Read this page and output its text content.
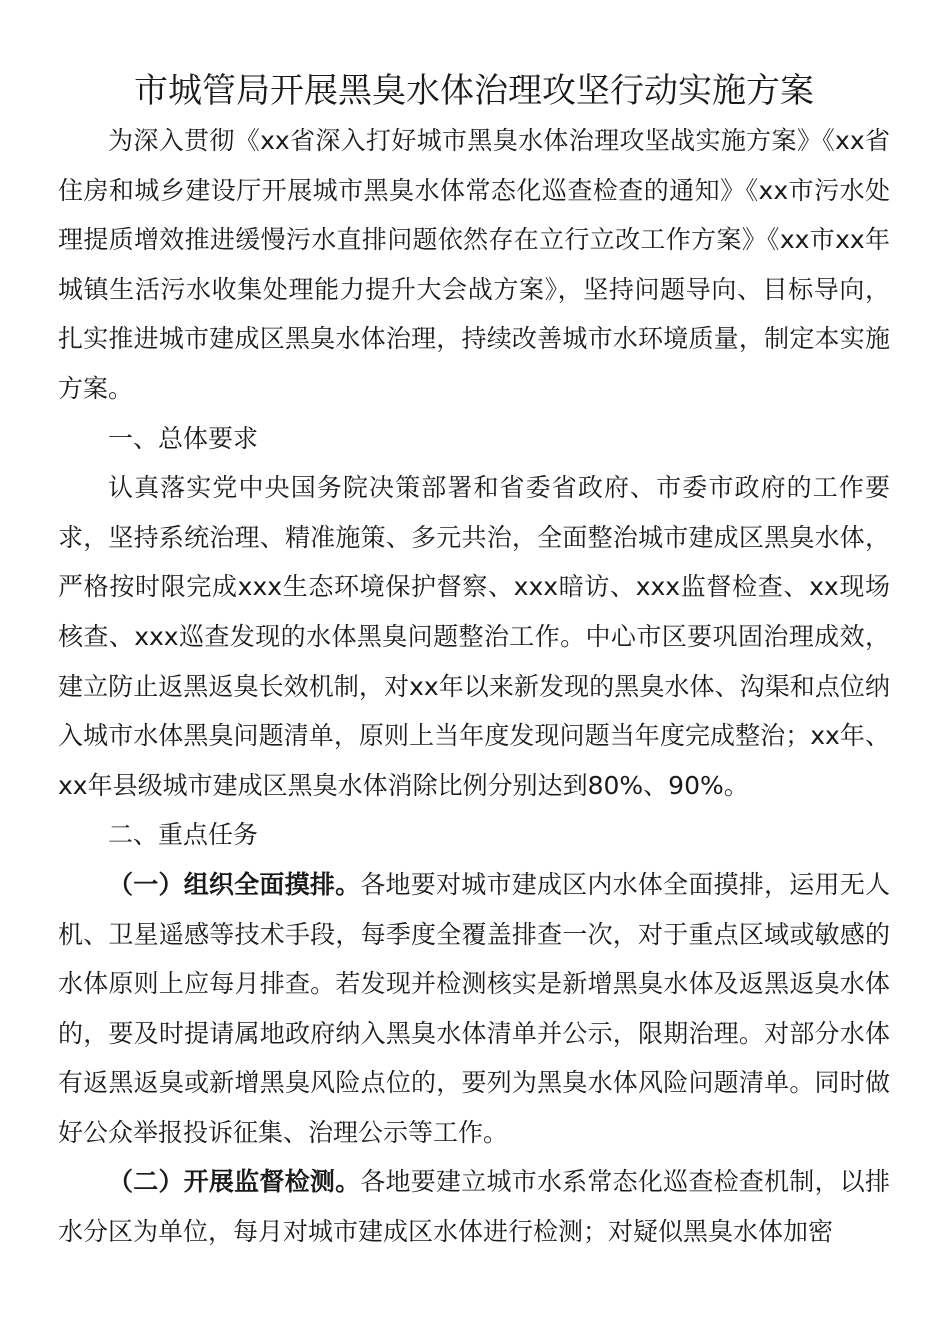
市城管局开展黑臭水体治理攻坚行动实施方案

为深入贯彻《xx省深入打好城市黑臭水体治理攻坚战实施方案》《xx省住房和城乡建设厅开展城市黑臭水体常态化巡查检查的通知》《xx市污水处理提质增效推进缓慢污水直排问题依然存在立行立改工作方案》《xx市xx年城镇生活污水收集处理能力提升大会战方案》，坚持问题导向、目标导向，扎实推进城市建成区黑臭水体治理，持续改善城市水环境质量，制定本实施方案。

一、总体要求

认真落实党中央国务院决策部署和省委省政府、市委市政府的工作要求，坚持系统治理、精准施策、多元共治，全面整治城市建成区黑臭水体，严格按时限完成xxx生态环境保护督察、xxx暗访、xxx监督检查、xx现场核查、xxx巡查发现的水体黑臭问题整治工作。中心市区要巩固治理成效，建立防止返黑返臭长效机制，对xx年以来新发现的黑臭水体、沟渠和点位纳入城市水体黑臭问题清单，原则上当年度发现问题当年度完成整治；xx年、xx年县级城市建成区黑臭水体消除比例分别达到80%、90%。

二、重点任务

（一）组织全面摸排。各地要对城市建成区内水体全面摸排，运用无人机、卫星遥感等技术手段，每季度全覆盖排查一次，对于重点区域或敏感的水体原则上应每月排查。若发现并检测核实是新增黑臭水体及返黑返臭水体的，要及时提请属地政府纳入黑臭水体清单并公示，限期治理。对部分水体有返黑返臭或新增黑臭风险点位的，要列为黑臭水体风险问题清单。同时做好公众举报投诉征集、治理公示等工作。

（二）开展监督检测。各地要建立城市水系常态化巡查检查机制，以排水分区为单位，每月对城市建成区水体进行检测；对疑似黑臭水体加密
